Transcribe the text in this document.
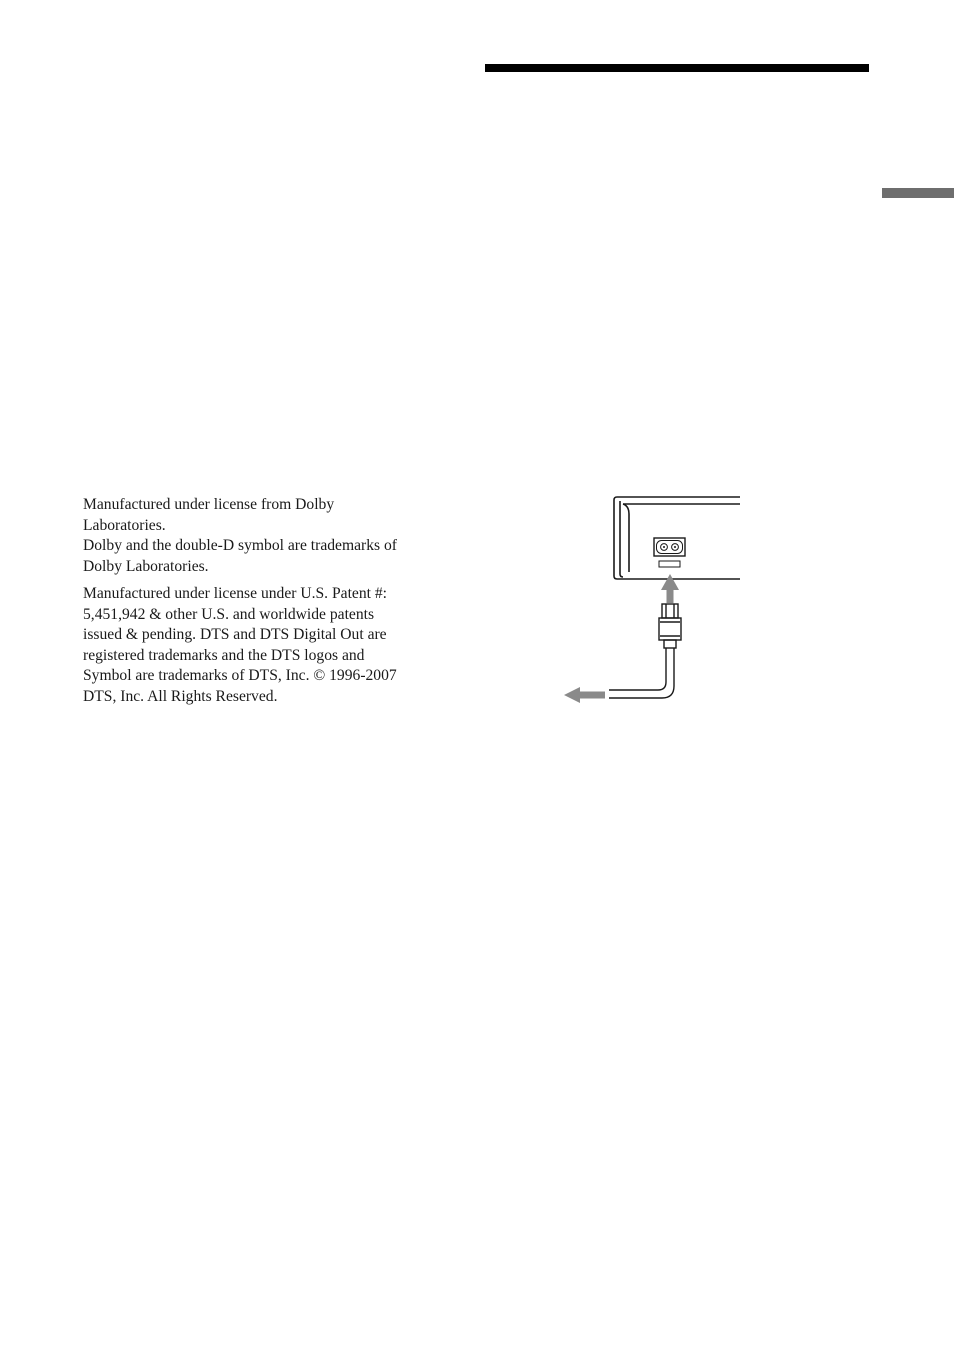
Manufactured under license from Dolby Laboratories.

Dolby and the double-D symbol are trademarks of Dolby Laboratories.

Manufactured under license under U.S. Patent #: 5,451,942 & other U.S. and worldwide patents issued & pending. DTS and DTS Digital Out are registered trademarks and the DTS logos and Symbol are trademarks of DTS, Inc. © 1996-2007 DTS, Inc. All Rights Reserved.
